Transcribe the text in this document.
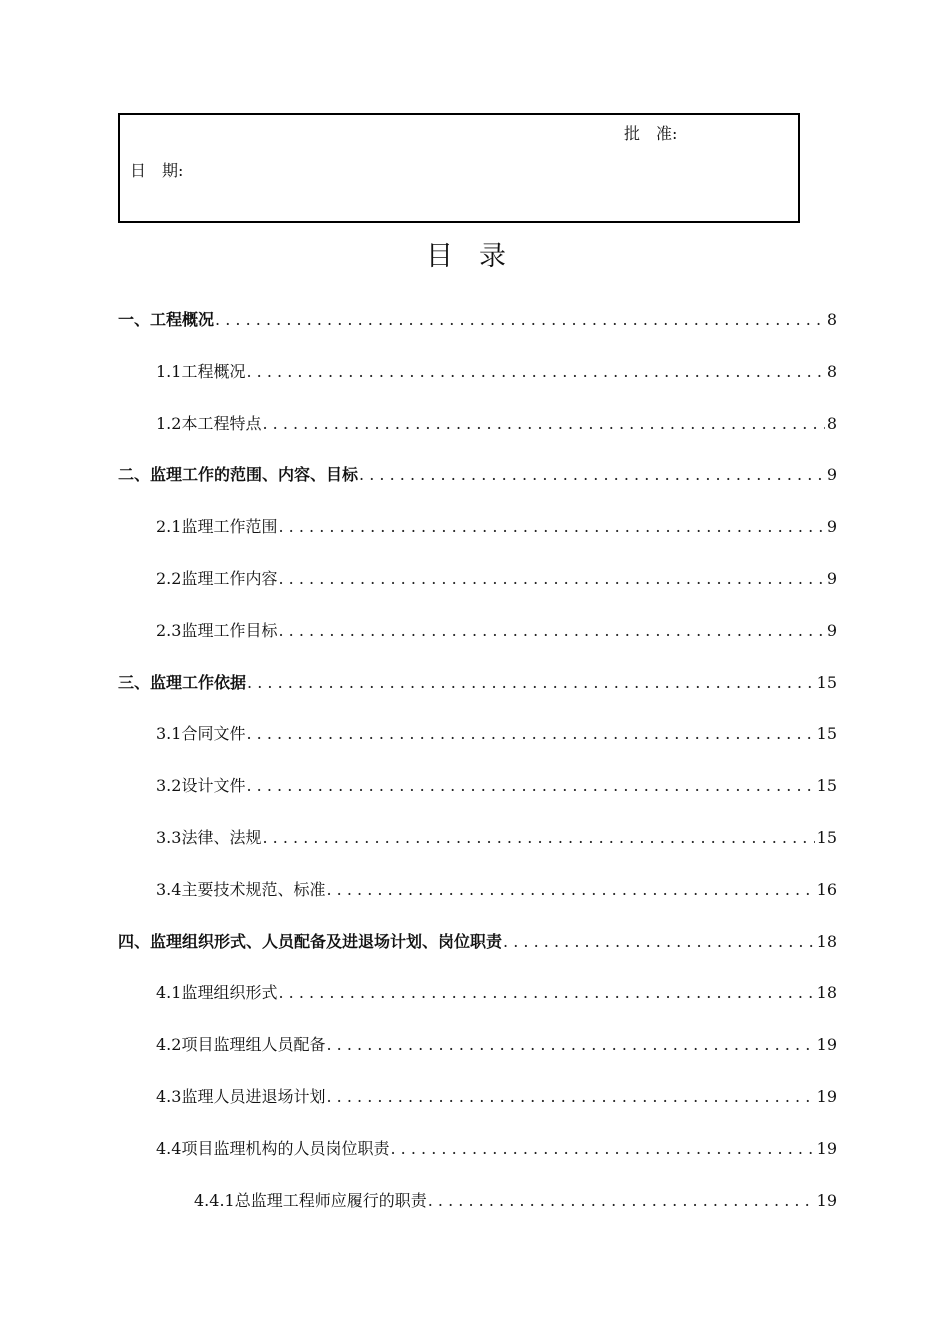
批　准:
日　期:
目录
一、工程概况 .....	8
1.1工程概况 .....	8
1.2本工程特点 .....	8
二、监理工作的范围、内容、目标 .....	9
2.1监理工作范围 .....	9
2.2监理工作内容 .....	9
2.3监理工作目标 .....	9
三、监理工作依据 .....	15
3.1合同文件 .....	15
3.2设计文件 .....	15
3.3法律、法规 .....	15
3.4主要技术规范、标准 .....	16
四、监理组织形式、人员配备及进退场计划、岗位职责 .....	18
4.1监理组织形式 .....	18
4.2项目监理组人员配备 .....	19
4.3监理人员进退场计划 .....	19
4.4项目监理机构的人员岗位职责 .....	19
4.4.1总监理工程师应履行的职责 .....	19
